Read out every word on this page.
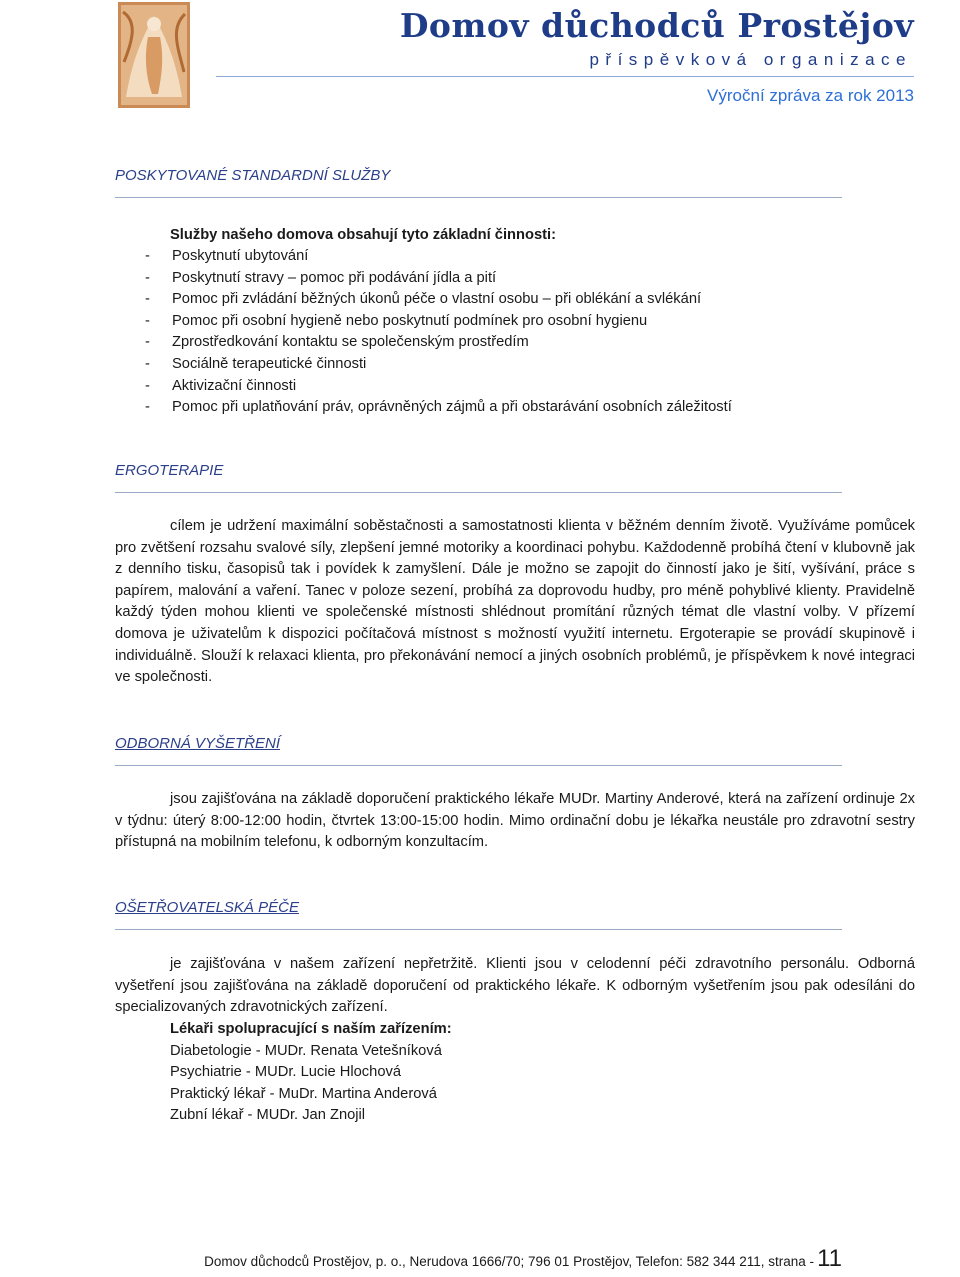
Domov důchodců Prostějov
příspěvková organizace
Výroční zpráva za rok 2013
POSKYTOVANÉ STANDARDNÍ SLUŽBY
Služby našeho domova obsahují tyto základní činnosti:
- Poskytnutí ubytování
- Poskytnutí stravy – pomoc při podávání jídla a pití
- Pomoc při zvládání běžných úkonů péče o vlastní osobu – při oblékání a svlékání
- Pomoc při osobní hygieně nebo poskytnutí podmínek pro osobní hygienu
- Zprostředkování kontaktu se společenským prostředím
- Sociálně terapeutické činnosti
- Aktivizační činnosti
- Pomoc při uplatňování práv, oprávněných zájmů a při obstarávání osobních záležitostí
ERGOTERAPIE
cílem je udržení maximální soběstačnosti a samostatnosti klienta v běžném denním životě. Využíváme pomůcek pro zvětšení rozsahu svalové síly, zlepšení jemné motoriky a koordinaci pohybu. Každodenně probíhá čtení v klubovně jak z denního tisku, časopisů tak i povídek k zamyšlení. Dále je možno se zapojit do činností jako je šití, vyšívání, práce s papírem, malování a vaření. Tanec v poloze sezení, probíhá za doprovodu hudby, pro méně pohyblivé klienty. Pravidelně každý týden mohou klienti ve společenské místnosti shlédnout promítání různých témat dle vlastní volby. V přízemí domova je uživatelům k dispozici počítačová místnost s možností využití internetu. Ergoterapie se provádí skupinově i individuálně. Slouží k relaxaci klienta, pro překonávání nemocí a jiných osobních problémů, je příspěvkem k nové integraci ve společnosti.
ODBORNÁ VYŠETŘENÍ
jsou zajišťována na základě doporučení praktického lékaře MUDr. Martiny Anderové, která na zařízení ordinuje 2x v týdnu: úterý 8:00-12:00 hodin, čtvrtek 13:00-15:00 hodin. Mimo ordinační dobu je lékařka neustále pro zdravotní sestry přístupná na mobilním telefonu, k odborným konzultacím.
OŠETŘOVATELSKÁ PÉČE
je zajišťována v našem zařízení nepřetržitě. Klienti jsou v celodenní péči zdravotního personálu. Odborná vyšetření jsou zajišťována na základě doporučení od praktického lékaře. K odborným vyšetřením jsou pak odesíláni do specializovaných zdravotnických zařízení.
Lékaři spolupracující s naším zařízením:
Diabetologie - MUDr. Renata Vetešníková
Psychiatrie - MUDr. Lucie Hlochová
Praktický lékař - MuDr. Martina Anderová
Zubní lékař - MUDr. Jan Znojil
Domov důchodců Prostějov, p. o., Nerudova 1666/70; 796 01 Prostějov, Telefon: 582 344 211, strana - 11
